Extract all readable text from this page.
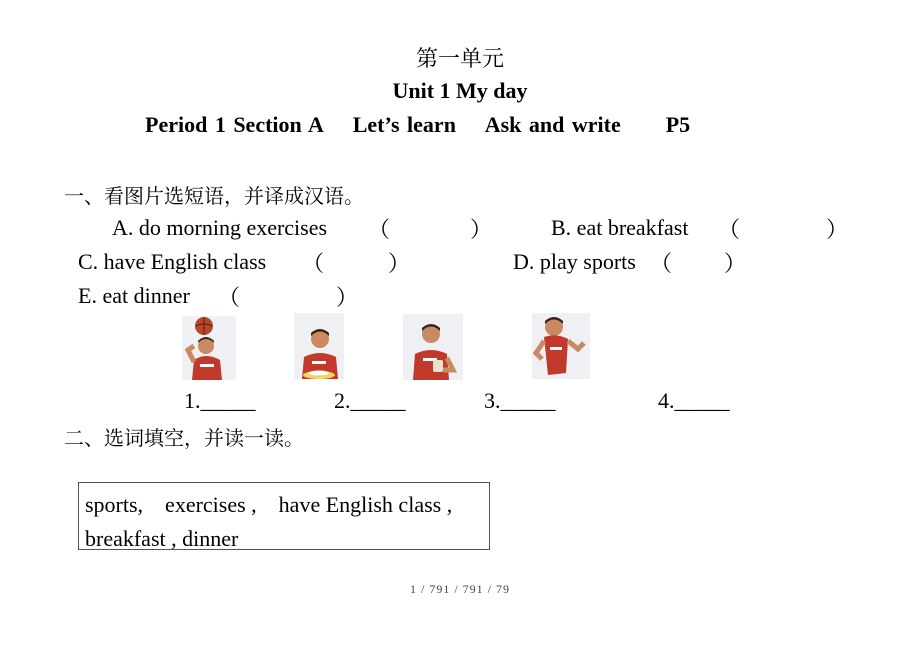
第一单元
Unit 1 My day
Period 1 Section A    Let’s learn    Ask and write      P5
一、看图片选短语，并译成汉语。
A. do morning exercises （	）	B. eat breakfast （	）
C. have English class （	）	D. play sports （ ）
E. eat dinner （	）
1._____	2._____	3._____	4._____
二、选词填空，并读一读。
sports,    exercises ,    have English class ,
breakfast , dinner
1 / 791 / 791 / 79
